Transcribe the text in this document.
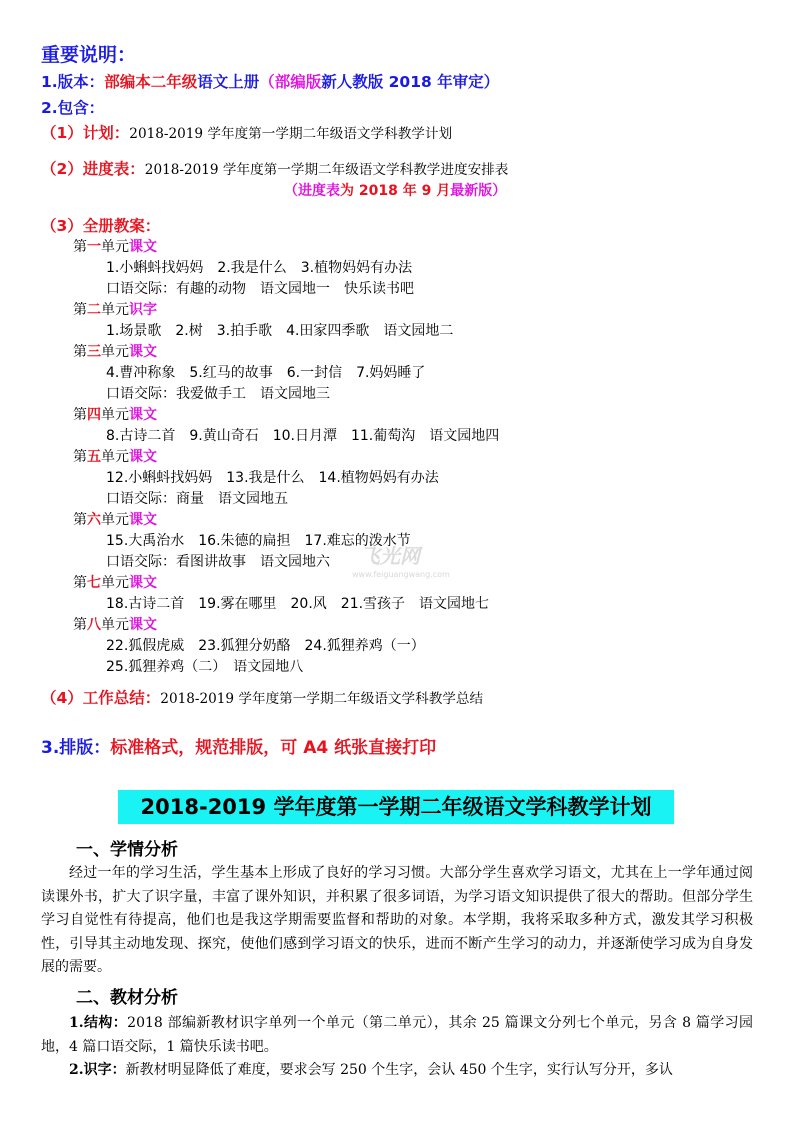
重要说明：
1.版本：部编本二年级语文上册（部编版新人教版 2018 年审定）
2.包含：
（1）计划：2018-2019 学年度第一学期二年级语文学科教学计划
（2）进度表：2018-2019 学年度第一学期二年级语文学科教学进度安排表
（进度表为 2018 年 9 月最新版）
（3）全册教案：
第一单元课文
1.小蝌蚪找妈妈　2.我是什么　3.植物妈妈有办法
口语交际：有趣的动物　语文园地一　快乐读书吧
第二单元识字
1.场景歌　2.树　3.拍手歌　4.田家四季歌　语文园地二
第三单元课文
4.曹冲称象　5.红马的故事　6.一封信　7.妈妈睡了
口语交际：我爱做手工　语文园地三
第四单元课文
8.古诗二首　9.黄山奇石　10.日月潭　11.葡萄沟　语文园地四
第五单元课文
12.小蝌蚪找妈妈　13.我是什么　14.植物妈妈有办法
口语交际：商量　语文园地五
第六单元课文
15.大禹治水　16.朱德的扁担　17.难忘的泼水节
口语交际：看图讲故事　语文园地六
第七单元课文
18.古诗二首　19.雾在哪里　20.风　21.雪孩子　语文园地七
第八单元课文
22.狐假虎威　23.狐狸分奶酪　24.狐狸养鸡（一）
25.狐狸养鸡（二）　语文园地八
飞光网
www.feiguangwang.com
（4）工作总结：2018-2019 学年度第一学期二年级语文学科教学总结
3.排版：标准格式，规范排版，可 A4 纸张直接打印
2018-2019 学年度第一学期二年级语文学科教学计划
一、学情分析
经过一年的学习生活，学生基本上形成了良好的学习习惯。大部分学生喜欢学习语文，尤其在上一学年通过阅读课外书，扩大了识字量，丰富了课外知识，并积累了很多词语，为学习语文知识提供了很大的帮助。但部分学生学习自觉性有待提高，他们也是我这学期需要监督和帮助的对象。本学期，我将采取多种方式，激发其学习积极性，引导其主动地发现、探究，使他们感到学习语文的快乐，进而不断产生学习的动力，并逐渐使学习成为自身发展的需要。
二、教材分析
1.结构：2018 部编新教材识字单列一个单元（第二单元），其余 25 篇课文分列七个单元，另含 8 篇学习园地，4 篇口语交际，1 篇快乐读书吧。
2.识字：新教材明显降低了难度，要求会写 250 个生字，会认 450 个生字，实行认写分开，多认
